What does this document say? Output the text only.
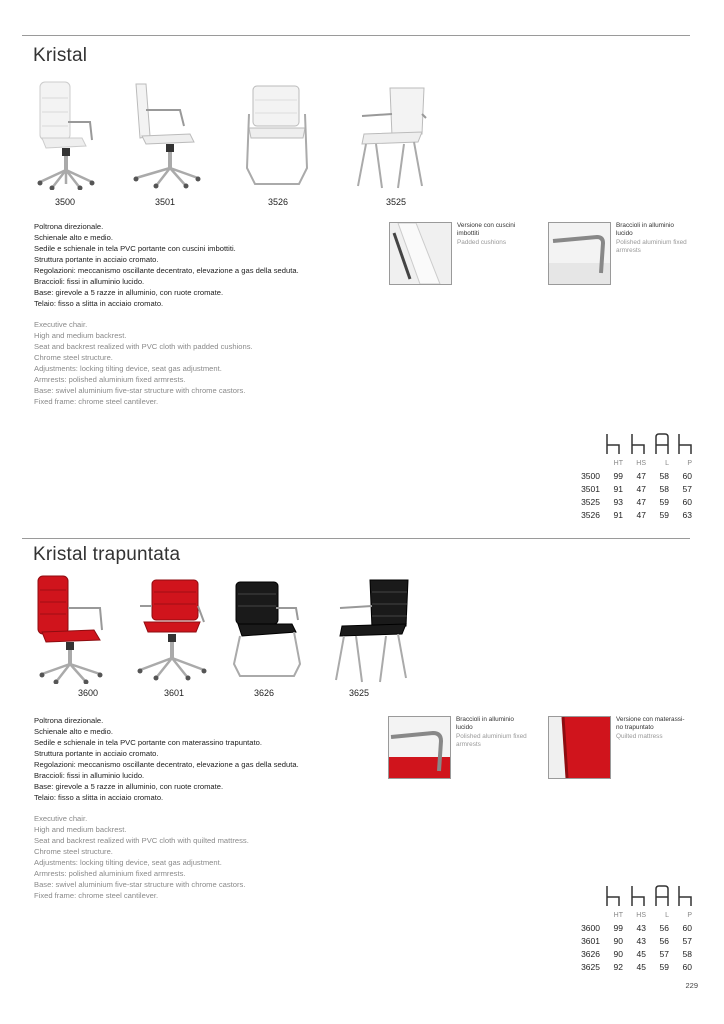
Kristal
3500	3501	3526	3525
Poltrona direzionale.
Schienale alto e medio.
Sedile e schienale in tela PVC portante con cuscini imbottiti.
Struttura portante in acciaio cromato.
Regolazioni: meccanismo oscillante decentrato, elevazione a gas della seduta.
Braccioli: fissi in alluminio lucido.
Base: girevole a 5 razze in alluminio, con ruote cromate.
Telaio: fisso a slitta in acciaio cromato.
Executive chair.
High and medium backrest.
Seat and backrest realized with PVC cloth with padded cushions.
Chrome steel structure.
Adjustments: locking tilting device, seat gas adjustment.
Armrests: polished aluminium fixed armrests.
Base: swivel aluminium five-star structure with chrome castors.
Fixed frame: chrome steel cantilever.
Versione con cuscini
imbottiti
Padded cushions
Braccioli in alluminio
lucido
Polished aluminium fixed
armrests
	HT	HS	L	P
3500	99	47	58	60
3501	91	47	58	57
3525	93	47	59	60
3526	91	47	59	63
Kristal trapuntata
3600	3601	3626	3625
Poltrona direzionale.
Schienale alto e medio.
Sedile e schienale in tela PVC portante con materassino trapuntato.
Struttura portante in acciaio cromato.
Regolazioni: meccanismo oscillante decentrato, elevazione a gas della seduta.
Braccioli: fissi in alluminio lucido.
Base: girevole a 5 razze in alluminio, con ruote cromate.
Telaio: fisso a slitta in acciaio cromato.
Executive chair.
High and medium backrest.
Seat and backrest realized with PVC cloth with quilted mattress.
Chrome steel structure.
Adjustments: locking tilting device, seat gas adjustment.
Armrests: polished aluminium fixed armrests.
Base: swivel aluminium five-star structure with chrome castors.
Fixed frame: chrome steel cantilever.
Braccioli in alluminio
lucido
Polished aluminium fixed
armrests
Versione con materassi-
no trapuntato
Quilted mattress
	HT	HS	L	P
3600	99	43	56	60
3601	90	43	56	57
3626	90	45	57	58
3625	92	45	59	60
229
